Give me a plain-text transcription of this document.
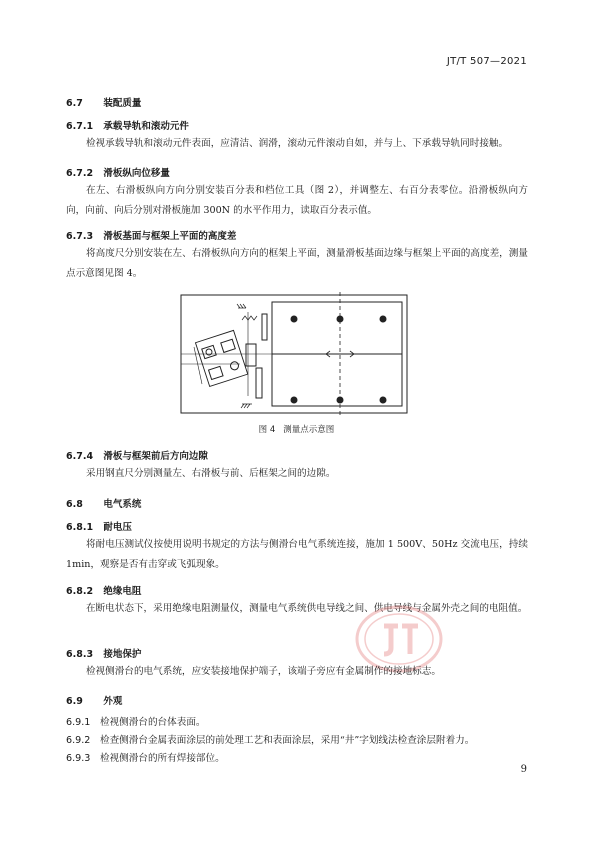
JT/T 507—2021
6.7 装配质量
6.7.1 承载导轨和滚动元件
检视承载导轨和滚动元件表面，应清洁、润滑，滚动元件滚动自如，并与上、下承载导轨同时接触。
6.7.2 滑板纵向位移量
在左、右滑板纵向方向分别安装百分表和档位工具（图 2），并调整左、右百分表零位。沿滑板纵向方向，向前、向后分别对滑板施加 300N 的水平作用力，读取百分表示值。
6.7.3 滑板基面与框架上平面的高度差
将高度尺分别安装在左、右滑板纵向方向的框架上平面，测量滑板基面边缘与框架上平面的高度差，测量点示意图见图 4。
图 4 测量点示意图
6.7.4 滑板与框架前后方向边隙
采用钢直尺分别测量左、右滑板与前、后框架之间的边隙。
6.8 电气系统
6.8.1 耐电压
将耐电压测试仪按使用说明书规定的方法与侧滑台电气系统连接，施加 1 500V、50Hz 交流电压，持续 1min，观察是否有击穿或飞弧现象。
6.8.2 绝缘电阻
在断电状态下，采用绝缘电阻测量仪，测量电气系统供电导线之间、供电导线与金属外壳之间的电阻值。
6.8.3 接地保护
检视侧滑台的电气系统，应安装接地保护端子，该端子旁应有金属制作的接地标志。
6.9 外观
6.9.1 检视侧滑台的台体表面。
6.9.2 检查侧滑台金属表面涂层的前处理工艺和表面涂层，采用“井”字划线法检查涂层附着力。
6.9.3 检视侧滑台的所有焊接部位。
9
